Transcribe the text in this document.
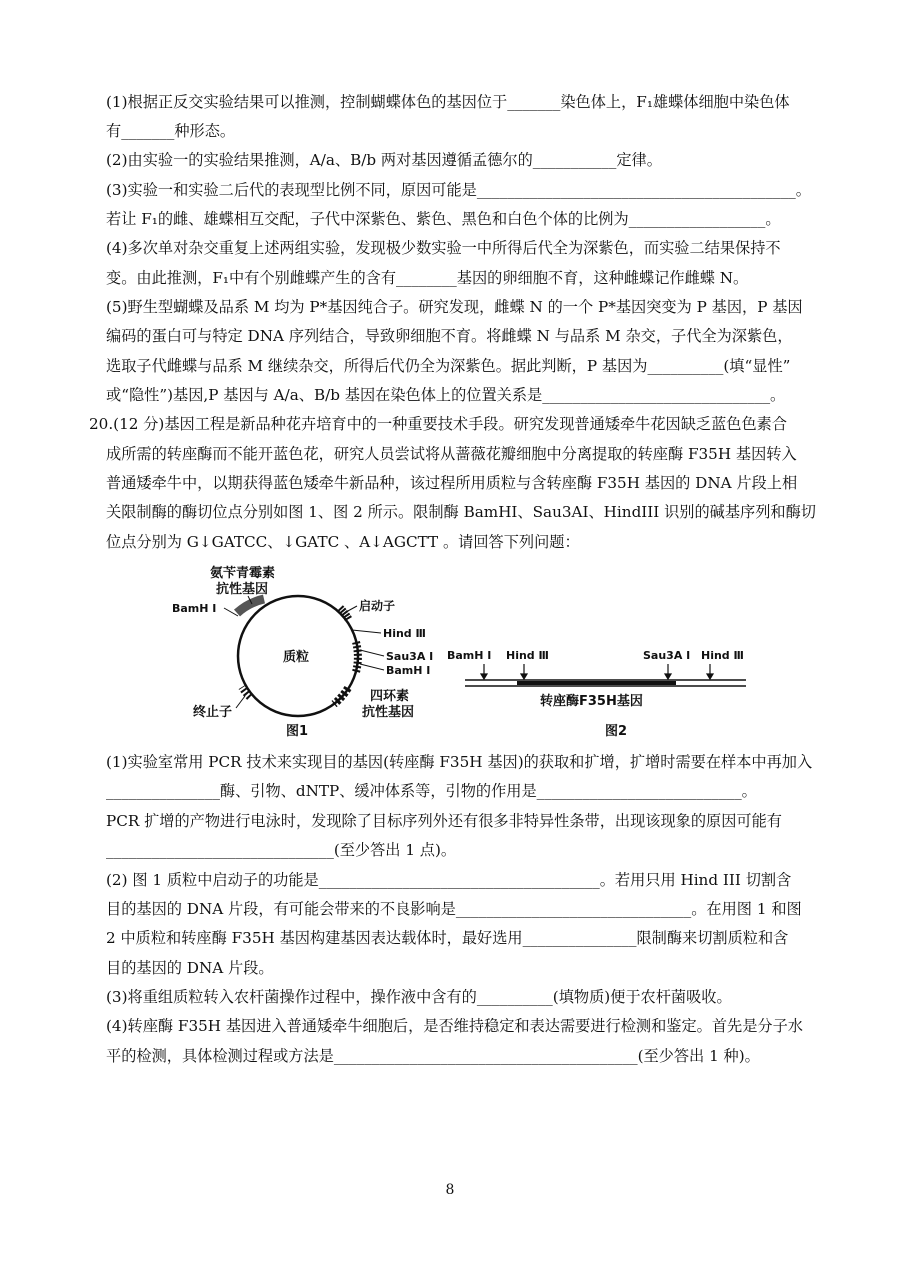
(1)根据正反交实验结果可以推测，控制蝴蝶体色的基因位于_______染色体上，F₁雄蝶体细胞中染色体
有_______种形态。
(2)由实验一的实验结果推测，A/a、B/b 两对基因遵循孟德尔的___________定律。
(3)实验一和实验二后代的表现型比例不同，原因可能是__________________________________________。
若让 F₁的雌、雄蝶相互交配，子代中深紫色、紫色、黑色和白色个体的比例为__________________。
(4)多次单对杂交重复上述两组实验，发现极少数实验一中所得后代全为深紫色，而实验二结果保持不
变。由此推测，F₁中有个别雌蝶产生的含有________基因的卵细胞不育，这种雌蝶记作雌蝶 N。
(5)野生型蝴蝶及品系 M 均为 P*基因纯合子。研究发现，雌蝶 N 的一个 P*基因突变为 P 基因，P 基因
编码的蛋白可与特定 DNA 序列结合，导致卵细胞不育。将雌蝶 N 与品系 M 杂交，子代全为深紫色，
选取子代雌蝶与品系 M 继续杂交，所得后代仍全为深紫色。据此判断，P 基因为__________(填“显性”
或“隐性”)基因,P 基因与 A/a、B/b 基因在染色体上的位置关系是______________________________。
20.(12 分)基因工程是新品种花卉培育中的一种重要技术手段。研究发现普通矮牵牛花因缺乏蓝色色素合
成所需的转座酶而不能开蓝色花，研究人员尝试将从蔷薇花瓣细胞中分离提取的转座酶 F35H 基因转入
普通矮牵牛中，以期获得蓝色矮牵牛新品种，该过程所用质粒与含转座酶 F35H 基因的 DNA 片段上相
关限制酶的酶切位点分别如图 1、图 2 所示。限制酶 BamHI、Sau3AI、HindIII 识别的碱基序列和酶切
位点分别为 G↓GATCC、↓GATC 、A↓AGCTT 。请回答下列问题：
氨苄青霉素
抗性基因
BamH Ⅰ	启动子
Hind Ⅲ
质粒	Sau3A Ⅰ
BamH Ⅰ
四环素
抗性基因
终止子
图1
BamH Ⅰ Hind Ⅲ	Sau3A Ⅰ Hind Ⅲ
转座酶F35H基因
图2
(1)实验室常用 PCR 技术来实现目的基因(转座酶 F35H 基因)的获取和扩增，扩增时需要在样本中再加入
_______________酶、引物、dNTP、缓冲体系等，引物的作用是___________________________。
PCR 扩增的产物进行电泳时，发现除了目标序列外还有很多非特异性条带，出现该现象的原因可能有
______________________________(至少答出 1 点)。
(2) 图 1 质粒中启动子的功能是_____________________________________。若用只用 Hind III 切割含
目的基因的 DNA 片段，有可能会带来的不良影响是_______________________________。在用图 1 和图
2 中质粒和转座酶 F35H 基因构建基因表达载体时，最好选用_______________限制酶来切割质粒和含
目的基因的 DNA 片段。
(3)将重组质粒转入农杆菌操作过程中，操作液中含有的__________(填物质)便于农杆菌吸收。
(4)转座酶 F35H 基因进入普通矮牵牛细胞后，是否维持稳定和表达需要进行检测和鉴定。首先是分子水
平的检测，具体检测过程或方法是________________________________________(至少答出 1 种)。
8
